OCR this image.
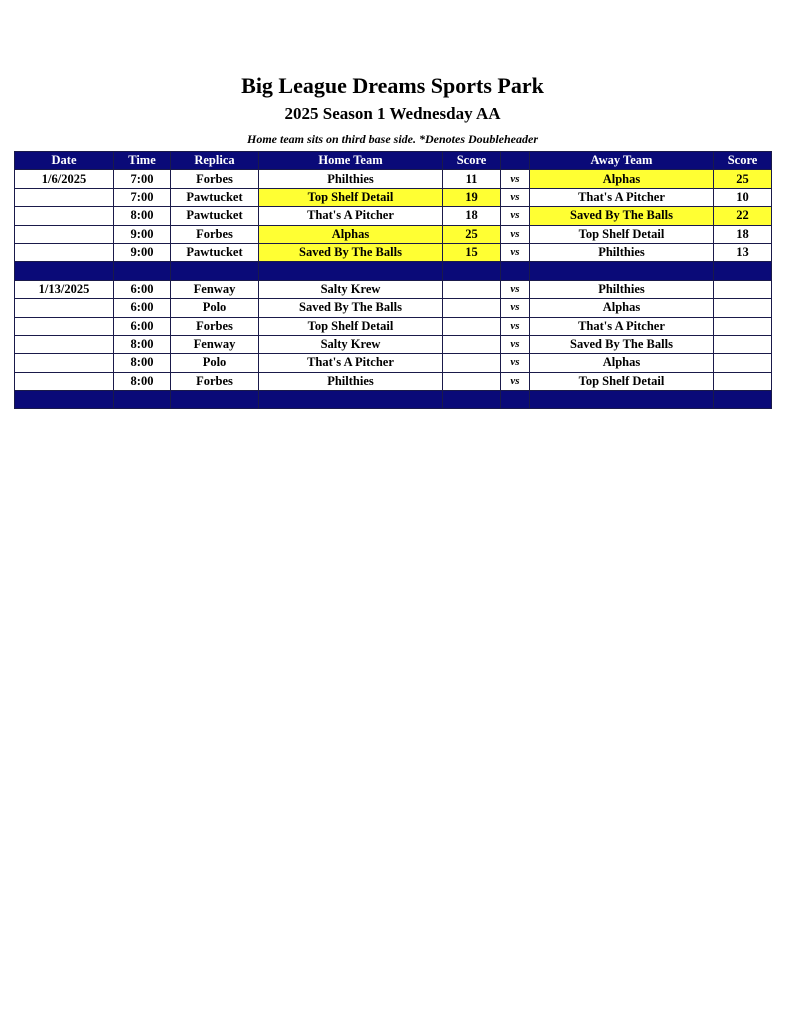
Big League Dreams Sports Park
2025 Season 1 Wednesday AA
Home team sits on third base side. *Denotes Doubleheader
Date	Time	Replica	Home Team	Score		Away Team	Score
1/6/2025	7:00	Forbes	Philthies	11	vs	Alphas	25
	7:00	Pawtucket	Top Shelf Detail	19	vs	That's A Pitcher	10
	8:00	Pawtucket	That's A Pitcher	18	vs	Saved By The Balls	22
	9:00	Forbes	Alphas	25	vs	Top Shelf Detail	18
	9:00	Pawtucket	Saved By The Balls	15	vs	Philthies	13

1/13/2025	6:00	Fenway	Salty Krew		vs	Philthies	
	6:00	Polo	Saved By The Balls		vs	Alphas	
	6:00	Forbes	Top Shelf Detail		vs	That's A Pitcher	
	8:00	Fenway	Salty Krew		vs	Saved By The Balls	
	8:00	Polo	That's A Pitcher		vs	Alphas	
	8:00	Forbes	Philthies		vs	Top Shelf Detail	
